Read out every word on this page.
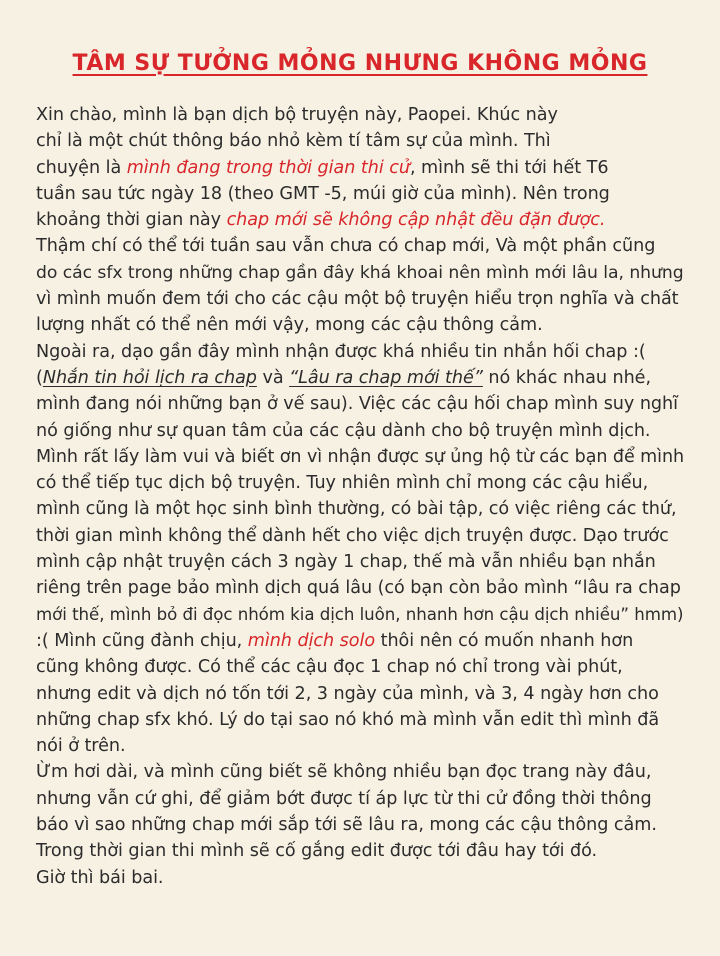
TÂM SỰ TƯỞNG MỎNG NHƯNG KHÔNG MỎNG
Xin chào, mình là bạn dịch bộ truyện này, Paopei. Khúc này
chỉ là một chút thông báo nhỏ kèm tí tâm sự của mình. Thì
chuyện là mình đang trong thời gian thi cử, mình sẽ thi tới hết T6
tuần sau tức ngày 18 (theo GMT -5, múi giờ của mình). Nên trong
khoảng thời gian này chap mới sẽ không cập nhật đều đặn được.
Thậm chí có thể tới tuần sau vẫn chưa có chap mới, Và một phần cũng
do các sfx trong những chap gần đây khá khoai nên mình mới lâu la, nhưng
vì mình muốn đem tới cho các cậu một bộ truyện hiểu trọn nghĩa và chất
lượng nhất có thể nên mới vậy, mong các cậu thông cảm.
Ngoài ra, dạo gần đây mình nhận được khá nhiều tin nhắn hối chap :(
(Nhắn tin hỏi lịch ra chap và “Lâu ra chap mới thế” nó khác nhau nhé,
mình đang nói những bạn ở vế sau). Việc các cậu hối chap mình suy nghĩ
nó giống như sự quan tâm của các cậu dành cho bộ truyện mình dịch.
Mình rất lấy làm vui và biết ơn vì nhận được sự ủng hộ từ các bạn để mình
có thể tiếp tục dịch bộ truyện. Tuy nhiên mình chỉ mong các cậu hiểu,
mình cũng là một học sinh bình thường, có bài tập, có việc riêng các thứ,
thời gian mình không thể dành hết cho việc dịch truyện được. Dạo trước
mình cập nhật truyện cách 3 ngày 1 chap, thế mà vẫn nhiều bạn nhắn
riêng trên page bảo mình dịch quá lâu (có bạn còn bảo mình “lâu ra chap
mới thế, mình bỏ đi đọc nhóm kia dịch luôn, nhanh hơn cậu dịch nhiều” hmm)
:( Mình cũng đành chịu, mình dịch solo thôi nên có muốn nhanh hơn
cũng không được. Có thể các cậu đọc 1 chap nó chỉ trong vài phút,
nhưng edit và dịch nó tốn tới 2, 3 ngày của mình, và 3, 4 ngày hơn cho
những chap sfx khó. Lý do tại sao nó khó mà mình vẫn edit thì mình đã
nói ở trên.
Ừm hơi dài, và mình cũng biết sẽ không nhiều bạn đọc trang này đâu,
nhưng vẫn cứ ghi, để giảm bớt được tí áp lực từ thi cử đồng thời thông
báo vì sao những chap mới sắp tới sẽ lâu ra, mong các cậu thông cảm.
Trong thời gian thi mình sẽ cố gắng edit được tới đâu hay tới đó.
Giờ thì bái bai.
